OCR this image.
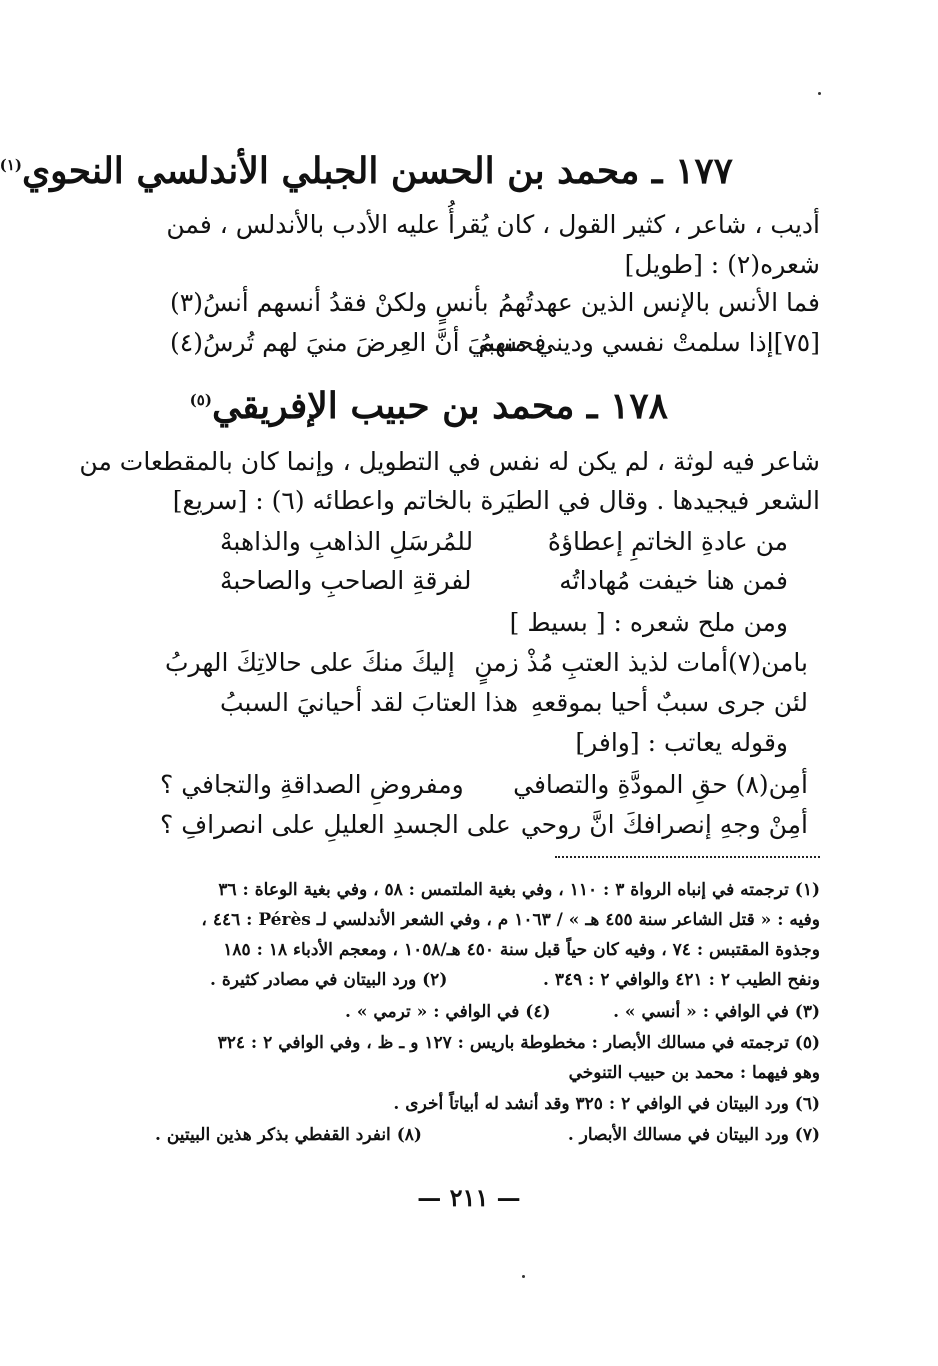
١٧٧ ـ محمد بن الحسن الجبلي الأندلسي النحوي$^{(١)}$
أديب ، شاعر ، كثير القول ، كان يُقرأُ عليه الأدب بالأندلس ، فمن
شعره(٢) : [طويل]
فما الأنس بالإنس الذين عهدتُهمُ
بأنسٍ ولكنْ فقدُ أنسهم أنسُ(٣)
[٧٥]إذا سلمتْ نفسي وديني منهمُ
فحسبيَ أنَّ العِرضَ منيَ لهم تُرسُ(٤)
١٧٨ ـ محمد بن حبيب الإفريقي$^{(٥)}$
شاعر فيه لوثة ، لم يكن له نفس في التطويل ، وإنما كان بالمقطعات من
الشعر فيجيدها . وقال في الطيَرة بالخاتم واعطائه (٦) : [سريع]
من عادةِ الخاتمِ إعطاؤهُ
للمُرسَلِ الذاهبِ والذاهبهْ
فمن هنا خيفت مُهاداتُه
لفرقةِ الصاحبِ والصاحبهْ
ومن ملح شعره : [ بسيط ]
بامن(٧)أمات لذيذ العتبِ مُذْ زمنٍ
إليكَ منكَ على حالاتِكَ الهربُ
لئن جرى سببٌ أحيا بموقعهِ
هذا العتابَ لقد أحيانيَ السببُ
وقوله يعاتب : [وافر]
أمِن(٨) حقِ المودَّةِ والتصافي
ومفروضِ الصداقةِ والتجافي ؟
أمِنْ وجهِ إنصرافكَ انَّ روحي
على الجسدِ العليلِ على انصرافِ ؟
(١) ترجمته في إنباه الرواة ٣ : ١١٠ ، وفي بغية الملتمس : ٥٨ ، وفي بغية الوعاة : ٣٦
وفيه : « قتل الشاعر سنة ٤٥٥ هـ » / ١٠٦٣ م ، وفي الشعر الأندلسي لـ Pérès : ٤٤٦ ،
وجذوة المقتبس : ٧٤ ، وفيه كان حياً قبل سنة ٤٥٠ هـ/١٠٥٨ ، ومعجم الأدباء ١٨ : ١٨٥
ونفح الطيب ٢ : ٤٢١ والوافي ٢ : ٣٤٩ .
(٢) ورد البيتان في مصادر كثيرة .
(٣) في الوافي : « أنسي » .
(٤) في الوافي : « ترمي » .
(٥) ترجمته في مسالك الأبصار : مخطوطة باريس : ١٢٧ و ـ ظ ، وفي الوافي ٢ : ٣٢٤
وهو فيهما : محمد بن حبيب التنوخي
(٦) ورد البيتان في الوافي ٢ : ٣٢٥ وقد أنشد له أبياتاً أخرى .
(٧) ورد البيتان في مسالك الأبصار .
(٨) انفرد القفطي بذكر هذين البيتين .
— ٢١١ —
